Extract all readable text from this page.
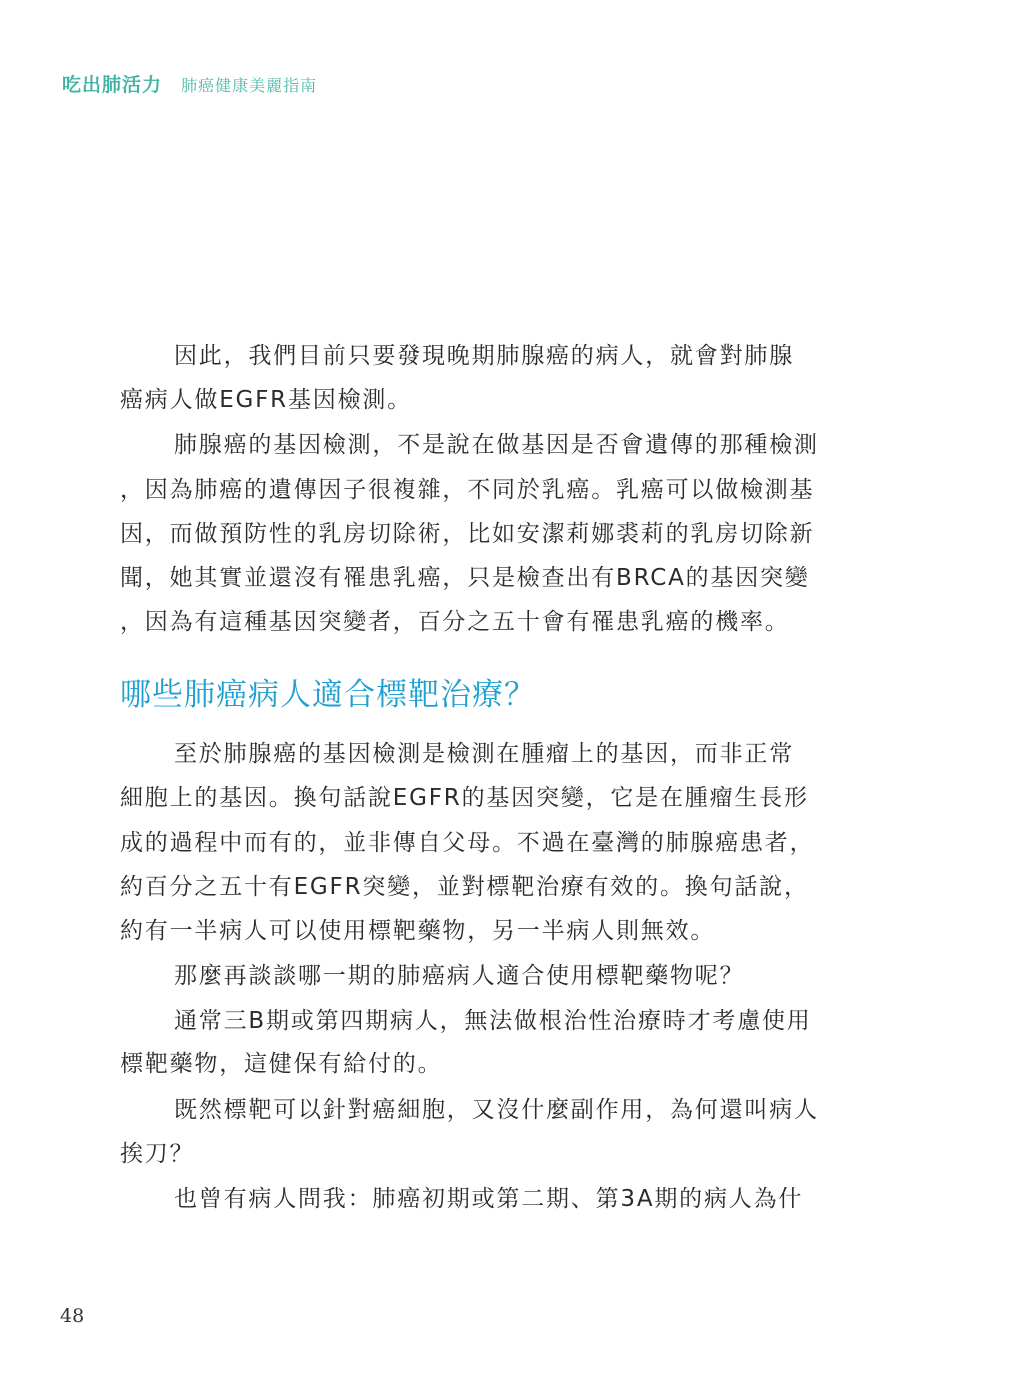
吃出肺活力 肺癌健康美麗指南
因此，我們目前只要發現晚期肺腺癌的病人，就會對肺腺
癌病人做EGFR基因檢測。
肺腺癌的基因檢測，不是說在做基因是否會遺傳的那種檢測
，因為肺癌的遺傳因子很複雜，不同於乳癌。乳癌可以做檢測基
因，而做預防性的乳房切除術，比如安潔莉娜裘莉的乳房切除新
聞，她其實並還沒有罹患乳癌，只是檢查出有BRCA的基因突變
，因為有這種基因突變者，百分之五十會有罹患乳癌的機率。
哪些肺癌病人適合標靶治療？
至於肺腺癌的基因檢測是檢測在腫瘤上的基因，而非正常
細胞上的基因。換句話說EGFR的基因突變，它是在腫瘤生長形
成的過程中而有的，並非傳自父母。不過在臺灣的肺腺癌患者，
約百分之五十有EGFR突變，並對標靶治療有效的。換句話說，
約有一半病人可以使用標靶藥物，另一半病人則無效。
那麼再談談哪一期的肺癌病人適合使用標靶藥物呢？
通常三B期或第四期病人，無法做根治性治療時才考慮使用
標靶藥物，這健保有給付的。
既然標靶可以針對癌細胞，又沒什麼副作用，為何還叫病人
挨刀？
也曾有病人問我：肺癌初期或第二期、第3A期的病人為什
48
